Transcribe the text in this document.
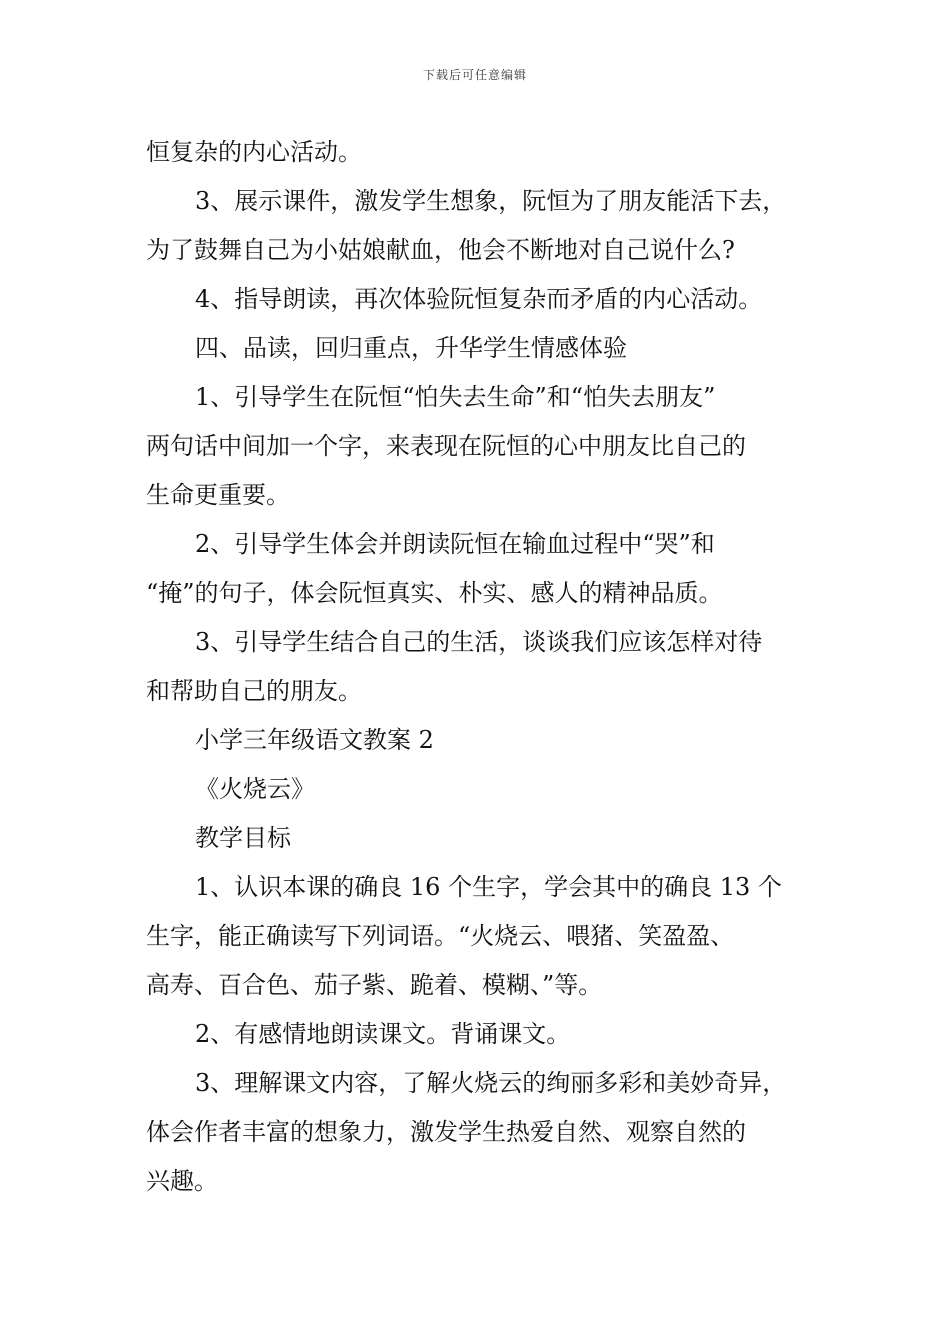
下载后可任意编辑
恒复杂的内心活动。
3、展示课件，激发学生想象，阮恒为了朋友能活下去，
为了鼓舞自己为小姑娘献血，他会不断地对自己说什么?
4、指导朗读，再次体验阮恒复杂而矛盾的内心活动。
四、品读，回归重点，升华学生情感体验
1、引导学生在阮恒“怕失去生命”和“怕失去朋友”
两句话中间加一个字，来表现在阮恒的心中朋友比自己的
生命更重要。
2、引导学生体会并朗读阮恒在输血过程中“哭”和
“掩”的句子，体会阮恒真实、朴实、感人的精神品质。
3、引导学生结合自己的生活，谈谈我们应该怎样对待
和帮助自己的朋友。
小学三年级语文教案 2
《火烧云》
教学目标
1、认识本课的确良 16 个生字，学会其中的确良 13 个
生字，能正确读写下列词语。“火烧云、喂猪、笑盈盈、
高寿、百合色、茄子紫、跪着、模糊、”等。
2、有感情地朗读课文。背诵课文。
3、理解课文内容，了解火烧云的绚丽多彩和美妙奇异，
体会作者丰富的想象力，激发学生热爱自然、观察自然的
兴趣。
